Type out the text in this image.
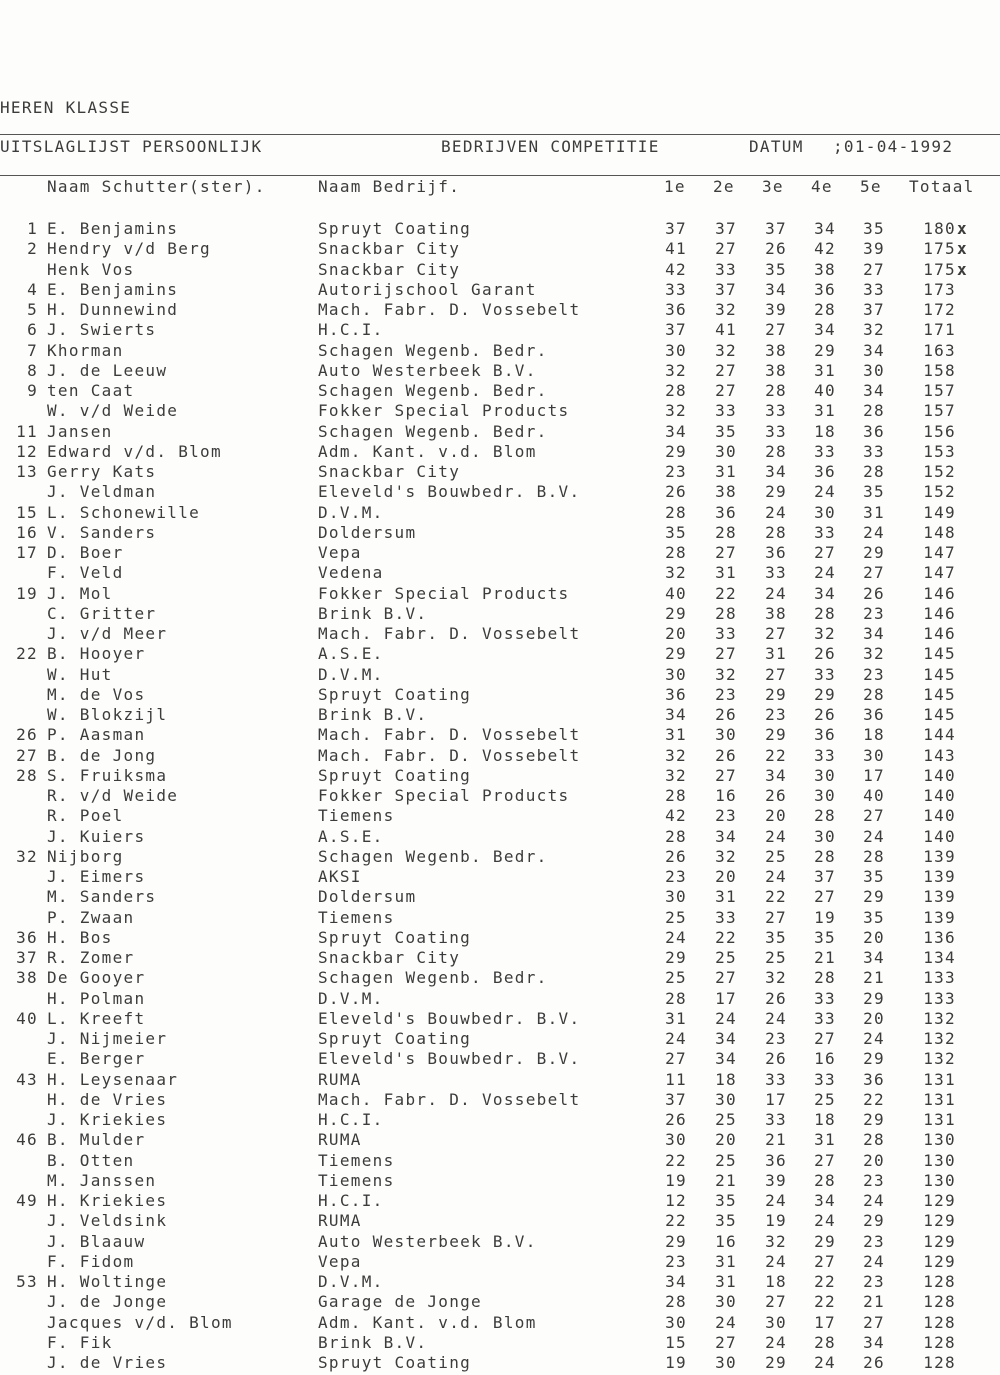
HEREN KLASSE
UITSLAGLIJST PERSOONLIJK	BEDRIJVEN COMPETITIE	DATUM ;01-04-1992
Naam Schutter(ster).	Naam Bedrijf.	1e 2e 3e 4e 5e Totaal
1 E. Benjamins	Spruyt Coating	37	37	37	34	35	180 x
2 Hendry v/d Berg	Snackbar City	41	27	26	42	39	175 x
Henk Vos	Snackbar City	42	33	35	38	27	175 x
4 E. Benjamins	Autorijschool Garant	33	37	34	36	33	173
5 H. Dunnewind	Mach. Fabr. D. Vossebelt	36	32	39	28	37	172
6 J. Swierts	H.C.I.	37	41	27	34	32	171
7 Khorman	Schagen Wegenb. Bedr.	30	32	38	29	34	163
8 J. de Leeuw	Auto Westerbeek B.V.	32	27	38	31	30	158
9 ten Caat	Schagen Wegenb. Bedr.	28	27	28	40	34	157
W. v/d Weide	Fokker Special Products	32	33	33	31	28	157
11 Jansen	Schagen Wegenb. Bedr.	34	35	33	18	36	156
12 Edward v/d. Blom	Adm. Kant. v.d. Blom	29	30	28	33	33	153
13 Gerry Kats	Snackbar City	23	31	34	36	28	152
J. Veldman	Eleveld's Bouwbedr. B.V.	26	38	29	24	35	152
15 L. Schonewille	D.V.M.	28	36	24	30	31	149
16 V. Sanders	Doldersum	35	28	28	33	24	148
17 D. Boer	Vepa	28	27	36	27	29	147
F. Veld	Vedena	32	31	33	24	27	147
19 J. Mol	Fokker Special Products	40	22	24	34	26	146
C. Gritter	Brink B.V.	29	28	38	28	23	146
J. v/d Meer	Mach. Fabr. D. Vossebelt	20	33	27	32	34	146
22 B. Hooyer	A.S.E.	29	27	31	26	32	145
W. Hut	D.V.M.	30	32	27	33	23	145
M. de Vos	Spruyt Coating	36	23	29	29	28	145
W. Blokzijl	Brink B.V.	34	26	23	26	36	145
26 P. Aasman	Mach. Fabr. D. Vossebelt	31	30	29	36	18	144
27 B. de Jong	Mach. Fabr. D. Vossebelt	32	26	22	33	30	143
28 S. Fruiksma	Spruyt Coating	32	27	34	30	17	140
R. v/d Weide	Fokker Special Products	28	16	26	30	40	140
R. Poel	Tiemens	42	23	20	28	27	140
J. Kuiers	A.S.E.	28	34	24	30	24	140
32 Nijborg	Schagen Wegenb. Bedr.	26	32	25	28	28	139
J. Eimers	AKSI	23	20	24	37	35	139
M. Sanders	Doldersum	30	31	22	27	29	139
P. Zwaan	Tiemens	25	33	27	19	35	139
36 H. Bos	Spruyt Coating	24	22	35	35	20	136
37 R. Zomer	Snackbar City	29	25	25	21	34	134
38 De Gooyer	Schagen Wegenb. Bedr.	25	27	32	28	21	133
H. Polman	D.V.M.	28	17	26	33	29	133
40 L. Kreeft	Eleveld's Bouwbedr. B.V.	31	24	24	33	20	132
J. Nijmeier	Spruyt Coating	24	34	23	27	24	132
E. Berger	Eleveld's Bouwbedr. B.V.	27	34	26	16	29	132
43 H. Leysenaar	RUMA	11	18	33	33	36	131
H. de Vries	Mach. Fabr. D. Vossebelt	37	30	17	25	22	131
J. Kriekies	H.C.I.	26	25	33	18	29	131
46 B. Mulder	RUMA	30	20	21	31	28	130
B. Otten	Tiemens	22	25	36	27	20	130
M. Janssen	Tiemens	19	21	39	28	23	130
49 H. Kriekies	H.C.I.	12	35	24	34	24	129
J. Veldsink	RUMA	22	35	19	24	29	129
J. Blaauw	Auto Westerbeek B.V.	29	16	32	29	23	129
F. Fidom	Vepa	23	31	24	27	24	129
53 H. Woltinge	D.V.M.	34	31	18	22	23	128
J. de Jonge	Garage de Jonge	28	30	27	22	21	128
Jacques v/d. Blom	Adm. Kant. v.d. Blom	30	24	30	17	27	128
F. Fik	Brink B.V.	15	27	24	28	34	128
J. de Vries	Spruyt Coating	19	30	29	24	26	128
